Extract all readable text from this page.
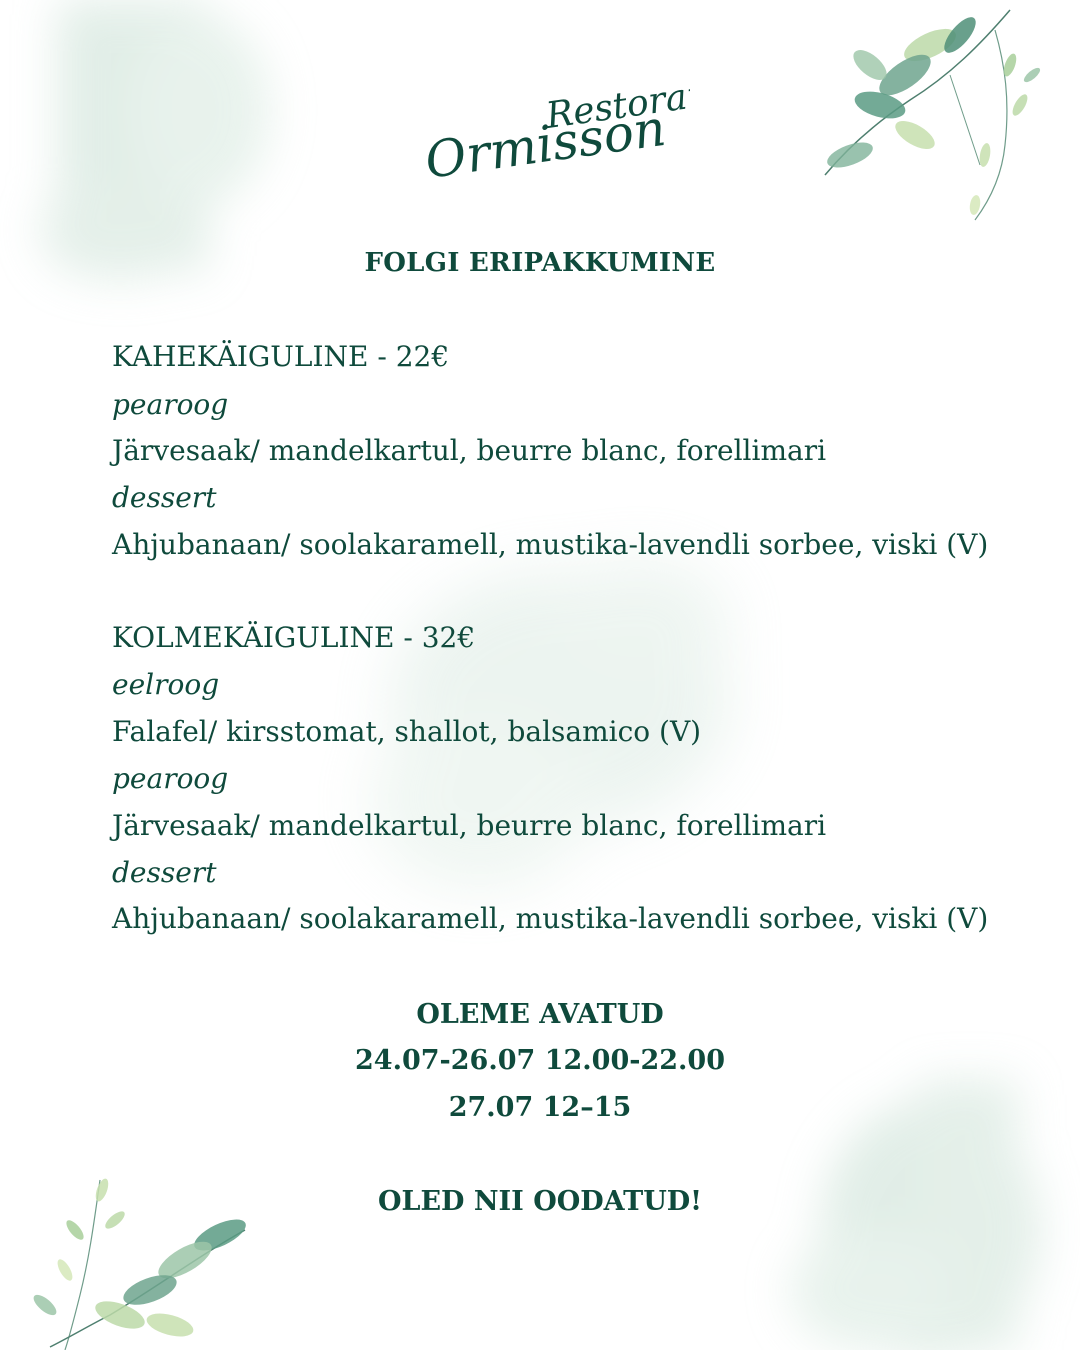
Restoran
Ormisson
FOLGI ERIPAKKUMINE
KAHEKÄIGULINE - 22€
pearoog
Järvesaak/ mandelkartul, beurre blanc, forellimari
dessert
Ahjubanaan/ soolakaramell, mustika-lavendli sorbee, viski (V)
KOLMEKÄIGULINE - 32€
eelroog
Falafel/ kirsstomat, shallot, balsamico (V)
pearoog
Järvesaak/ mandelkartul, beurre blanc, forellimari
dessert
Ahjubanaan/ soolakaramell, mustika-lavendli sorbee, viski (V)
OLEME AVATUD
24.07-26.07 12.00-22.00
27.07 12–15
OLED NII OODATUD!
